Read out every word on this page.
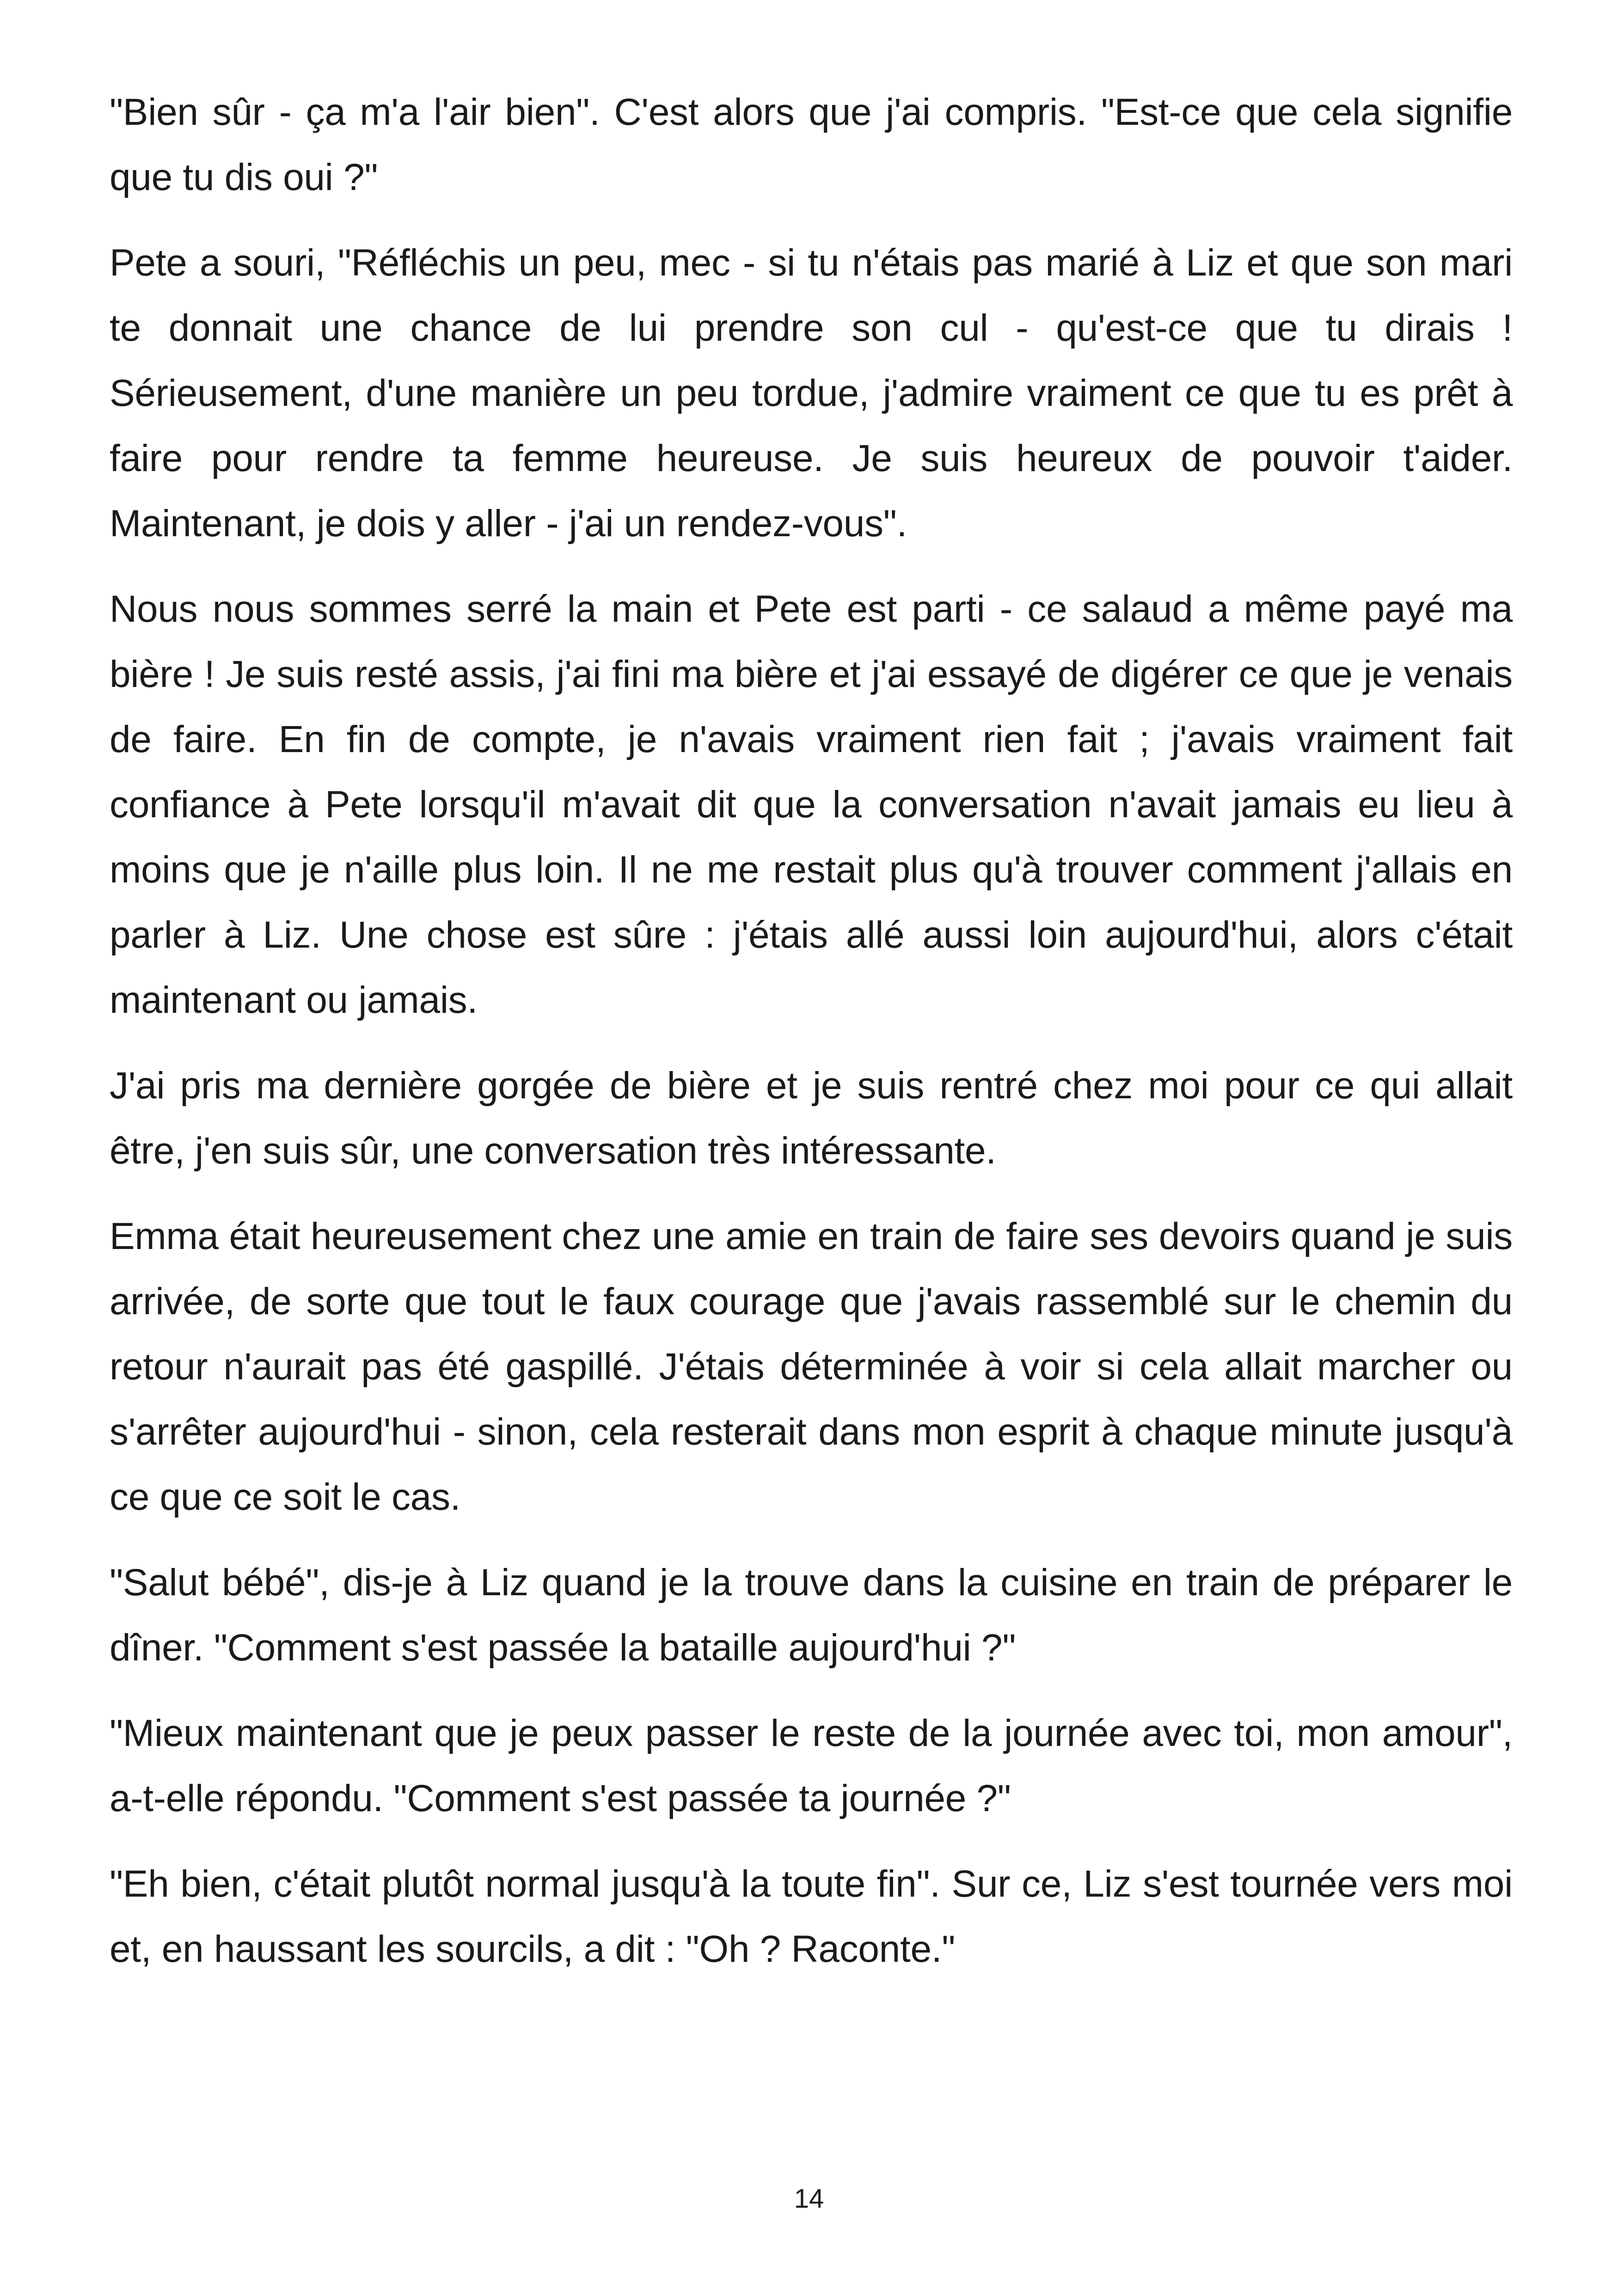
"Bien sûr - ça m'a l'air bien". C'est alors que j'ai compris. "Est-ce que cela signifie que tu dis oui ?"

Pete a souri, "Réfléchis un peu, mec - si tu n'étais pas marié à Liz et que son mari te donnait une chance de lui prendre son cul - qu'est-ce que tu dirais ! Sérieusement, d'une manière un peu tordue, j'admire vraiment ce que tu es prêt à faire pour rendre ta femme heureuse. Je suis heureux de pouvoir t'aider. Maintenant, je dois y aller - j'ai un rendez-vous".

Nous nous sommes serré la main et Pete est parti - ce salaud a même payé ma bière ! Je suis resté assis, j'ai fini ma bière et j'ai essayé de digérer ce que je venais de faire. En fin de compte, je n'avais vraiment rien fait ; j'avais vraiment fait confiance à Pete lorsqu'il m'avait dit que la conversation n'avait jamais eu lieu à moins que je n'aille plus loin. Il ne me restait plus qu'à trouver comment j'allais en parler à Liz. Une chose est sûre : j'étais allé aussi loin aujourd'hui, alors c'était maintenant ou jamais.

J'ai pris ma dernière gorgée de bière et je suis rentré chez moi pour ce qui allait être, j'en suis sûr, une conversation très intéressante.

Emma était heureusement chez une amie en train de faire ses devoirs quand je suis arrivée, de sorte que tout le faux courage que j'avais rassemblé sur le chemin du retour n'aurait pas été gaspillé. J'étais déterminée à voir si cela allait marcher ou s'arrêter aujourd'hui - sinon, cela resterait dans mon esprit à chaque minute jusqu'à ce que ce soit le cas.

"Salut bébé", dis-je à Liz quand je la trouve dans la cuisine en train de préparer le dîner. "Comment s'est passée la bataille aujourd'hui ?"

"Mieux maintenant que je peux passer le reste de la journée avec toi, mon amour", a-t-elle répondu. "Comment s'est passée ta journée ?"

"Eh bien, c'était plutôt normal jusqu'à la toute fin". Sur ce, Liz s'est tournée vers moi et, en haussant les sourcils, a dit : "Oh ? Raconte."

14
